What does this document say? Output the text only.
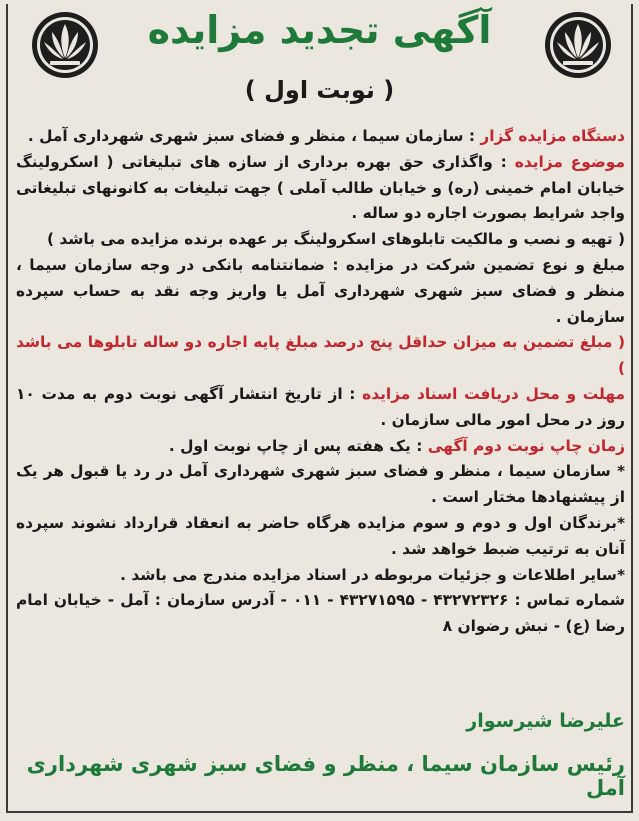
آگهی تجدید مزایده
( نوبت اول )

دستگاه مزایده گزار : سازمان سیما ، منظر و فضای سبز شهری شهرداری آمل .

موضوع مزایده : واگذاری حق بهره برداری از سازه های تبلیغاتی ( اسکرولینگ خیابان امام خمینی (ره) و خیابان طالب آملی ) جهت تبلیغات به کانونهای تبلیغاتی واجد شرایط بصورت اجاره دو ساله .

( تهیه و نصب و مالکیت تابلوهای اسکرولینگ بر عهده برنده مزایده می باشد )

مبلغ و نوع تضمین شرکت در مزایده : ضمانتنامه بانکی در وجه سازمان سیما ، منظر و فضای سبز شهری شهرداری آمل یا واریز وجه نقد به حساب سپرده سازمان .

( مبلغ تضمین به میزان حداقل پنج درصد مبلغ پایه اجاره دو ساله تابلوها می باشد )

مهلت و محل دریافت اسناد مزایده : از تاریخ انتشار آگهی نوبت دوم به مدت ۱۰ روز در محل امور مالی سازمان .

زمان چاپ نوبت دوم آگهی : یک هفته پس از چاپ نوبت اول .

* سازمان سیما ، منظر و فضای سبز شهری شهرداری آمل در رد یا قبول هر یک از پیشنهادها مختار است .

*برندگان اول و دوم و سوم مزایده هرگاه حاضر به انعقاد قرارداد نشوند سپرده آنان به ترتیب ضبط خواهد شد .

*سایر اطلاعات و جزئیات مربوطه در اسناد مزایده مندرج می باشد .

شماره تماس : ۴۳۲۷۲۳۲۶ - ۴۳۲۷۱۵۹۵ - ۰۱۱ - آدرس سازمان : آمل - خیابان امام رضا (ع) - نبش رضوان ۸

علیرضا شیرسوار
رئیس سازمان سیما ، منظر و فضای سبز شهری شهرداری آمل
